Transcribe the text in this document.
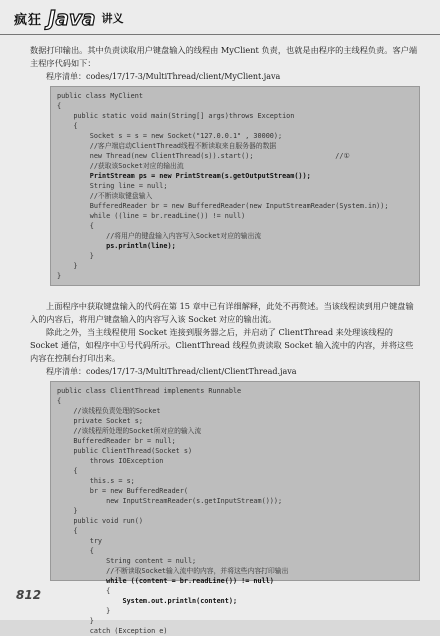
疯狂 Java 讲义
数据打印输出。其中负责读取用户键盘输入的线程由 MyClient 负责，也就是由程序的主线程负责。客户端主程序代码如下：
程序清单：codes/17/17-3/MultiThread/client/MyClient.java
public class MyClient
{
public static void main(String[] args)throws Exception
{
Socket s = s = new Socket("127.0.0.1" , 30000);
//客户端启动ClientThread线程不断读取来自服务器的数据
new Thread(new ClientThread(s)).start();                    //①
//获取该Socket对应的输出流
PrintStream ps = new PrintStream(s.getOutputStream());
String line = null;
//不断读取键盘输入
BufferedReader br = new BufferedReader(new InputStreamReader(System.in));
while ((line = br.readLine()) != null)
{
//将用户的键盘输入内容写入Socket对应的输出流
ps.println(line);
}
}
}
上面程序中获取键盘输入的代码在第 15 章中已有详细解释，此处不再赘述。当该线程读到用户键盘输入的内容后，将用户键盘输入的内容写入该 Socket 对应的输出流。
除此之外，当主线程使用 Socket 连接到服务器之后，并启动了 ClientThread 来处理该线程的 Socket 通信，如程序中①号代码所示。ClientThread 线程负责读取 Socket 输入流中的内容，并将这些内容在控制台打印出来。
程序清单：codes/17/17-3/MultiThread/client/ClientThread.java
public class ClientThread implements Runnable
{
//该线程负责处理的Socket
private Socket s;
//该线程所处理的Socket所对应的输入流
BufferedReader br = null;
public ClientThread(Socket s)
throws IOException
{
this.s = s;
br = new BufferedReader(
new InputStreamReader(s.getInputStream()));
}
public void run()
{
try
{
String content = null;
//不断读取Socket输入流中的内容，并将这些内容打印输出
while ((content = br.readLine()) != null)
{
System.out.println(content);
}
}
catch (Exception e)
812
